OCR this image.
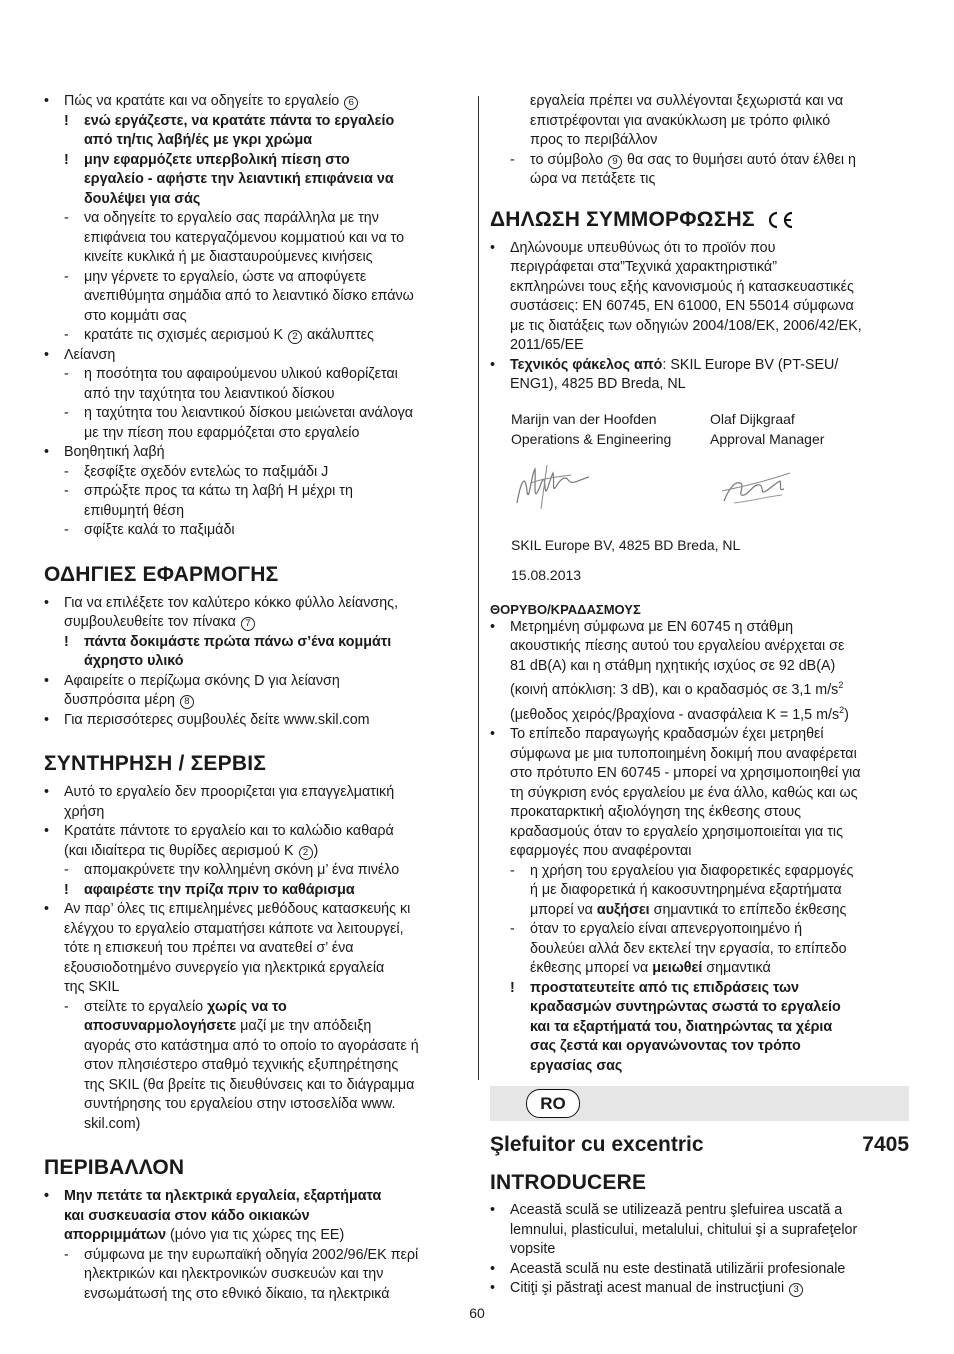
•	Πώς να κρατάτε και να οδηγείτε το εργαλείο 6
!	ενώ εργάζεστε, να κρατάτε πάντα το εργαλείο
από τη/τις λαβή/ές με γκρι χρώμα
!	μην εφαρμόζετε υπερβολική πίεση στο
εργαλείο - αφήστε την λειαντική επιφάνεια να
δουλέψει για σάς
-	να οδηγείτε το εργαλείο σας παράλληλα με την
επιφάνεια του κατεργαζόμενου κομματιού και να το
κινείτε κυκλικά ή με διασταυρούμενες κινήσεις
-	μην γέρνετε το εργαλείο, ώστε να αποφύγετε
ανεπιθύμητα σημάδια από το λειαντικό δίσκο επάνω
στο κομμάτι σας
-	κρατάτε τις σχισμές αερισμού K 2 ακάλυπτες
•	Λείανση
-	η ποσότητα του αφαιρούμενου υλικού καθορίζεται
από την ταχύτητα του λειαντικού δίσκου
-	η ταχύτητα του λειαντικού δίσκου μειώνεται ανάλογα
με την πίεση που εφαρμόζεται στο εργαλείο
•	Βοηθητική λαβή
-	ξεσφίξτε σχεδόν εντελώς το παξιμάδι J
-	σπρώξτε προς τα κάτω τη λαβή H μέχρι τη
επιθυμητή θέση
-	σφίξτε καλά το παξιμάδι
ΟΔΗΓΙΕΣ ΕΦΑΡΜΟΓΗΣ
•	Για να επιλέξετε τον καλύτερο κόκκο φύλλο λείανσης,
συμβουλευθείτε τον πίνακα 7
!	πάντα δοκιμάστε πρώτα πάνω σ’ένα κομμάτι
άχρηστο υλικό
•	Αφαιρείτε ο περίζωμα σκόνης D για λείανση
δυσπρόσιτα μέρη 8
•	Για περισσότερες συμβουλές δείτε www.skil.com
ΣΥΝΤΗΡΗΣΗ / ΣΕΡΒΙΣ
•	Αυτό το εργαλείο δεν προοριζεται για επαγγελματική
χρήση
•	Κρατάτε πάντοτε το εργαλείο και το καλώδιο καθαρά
(και ιδιαίτερα τις θυρίδες αερισμού K 2 )
-	απομακρύνετε την κολλημένη σκόνη μ’ ένα πινέλο
!	αφαιρέστε την πρίζα πριν το καθάρισμα
•	Αν παρ’ όλες τις επιμελημένες μεθόδους κατασκευής κι
ελέγχου το εργαλείο σταματήσει κάποτε να λειτουργεί,
τότε η επισκευή του πρέπει να ανατεθεί σ’ ένα
εξουσιοδοτημένο συνεργείο για ηλεκτρικά εργαλεία
της SKIL
-	στείλτε το εργαλείο χωρίς να το
αποσυναρμολογήσετε μαζί με την απόδειξη
αγοράς στο κατάστημα από το οποίο το αγοράσατε ή
στον πλησιέστερο σταθμό τεχνικής εξυπηρέτησης
της SKIL (θα βρείτε τις διευθύνσεις και το διάγραμμα
συντήρησης του εργαλείου στην ιστοσελίδα www.
skil.com)
ΠΕΡΙΒΑΛΛΟΝ
•	Μην πετάτε τα ηλεκτρικά εργαλεία, εξαρτήματα
και συσκευασία στον κάδο οικιακών
απορριμμάτων (μόνο για τις χώρες της ΕΕ)
-	σύμφωνα με την ευρωπαϊκή οδηγία 2002/96/ΕΚ περί
ηλεκτρικών και ηλεκτρονικών συσκευών και την
ενσωμάτωσή της στο εθνικό δίκαιο, τα ηλεκτρικά
εργαλεία πρέπει να συλλέγονται ξεχωριστά και να
επιστρέφονται για ανακύκλωση με τρόπο φιλικό
προς το περιβάλλον
-	το σύμβολο 9 θα σας το θυμήσει αυτό όταν έλθει η
ώρα να πετάξετε τις
ΔΗΛΩΣΗ ΣΥΜΜΟΡΦΩΣΗΣ
•	Δηλώνουμε υπευθύνως ότι το προϊόν που
περιγράφεται στα”Τεχνικά χαρακτηριστικά”
εκπληρώνει τους εξής κανονισμούς ή κατασκευαστικές
συστάσεις: EN 60745, EN 61000, EN 55014 σύμφωνα
με τις διατάξεις των οδηγιών 2004/108/ΕΚ, 2006/42/ΕΚ,
2011/65/ΕΕ
•	Τεχνικός φάκελος από: SKIL Europe BV (PT-SEU/
ENG1), 4825 BD Breda, NL
Marijn van der Hoofden
Operations & Engineering
Olaf Dijkgraaf
Approval Manager
SKIL Europe BV, 4825 BD Breda, NL
15.08.2013
ΘΟΡΥΒΟ/ΚΡΑΔΑΣΜΟΥΣ
•	Μετρημένη σύμφωνα με EN 60745 η στάθμη
ακουστικής πίεσης αυτού του εργαλείου ανέρχεται σε
81 dB(A) και η στάθμη ηχητικής ισχύος σε 92 dB(A)
(κοινή απόκλιση: 3 dB), και ο κραδασμός σε 3,1 $m/s^2$
(μεθοδος χειρός/βραχίονα - ανασφάλεια K = 1,5 $m/s^2$)
•	Το επίπεδο παραγωγής κραδασμών έχει μετρηθεί
σύμφωνα με μια τυποποιημένη δοκιμή που αναφέρεται
στο πρότυπο EN 60745 - μπορεί να χρησιμοποιηθεί για
τη σύγκριση ενός εργαλείου με ένα άλλο, καθώς και ως
προκαταρκτική αξιολόγηση της έκθεσης στους
κραδασμούς όταν το εργαλείο χρησιμοποιείται για τις
εφαρμογές που αναφέρονται
-	η χρήση του εργαλείου για διαφορετικές εφαρμογές
ή με διαφορετικά ή κακοσυντηρημένα εξαρτήματα
μπορεί να αυξήσει σημαντικά το επίπεδο έκθεσης
-	όταν το εργαλείο είναι απενεργοποιημένο ή
δουλεύει αλλά δεν εκτελεί την εργασία, το επίπεδο
έκθεσης μπορεί να μειωθεί σημαντικά
!	προστατευτείτε από τις επιδράσεις των
κραδασμών συντηρώντας σωστά το εργαλείο
και τα εξαρτήματά του, διατηρώντας τα χέρια
σας ζεστά και οργανώνοντας τον τρόπο
εργασίας σας
RO
Şlefuitor cu excentric	7405
INTRODUCERE
•	Această sculă se utilizează pentru şlefuirea uscată a
lemnului, plasticului, metalului, chitului şi a suprafeţelor
vopsite
•	Această sculă nu este destinată utilizării profesionale
•	Citiţi şi păstraţi acest manual de instrucţiuni 3
60
